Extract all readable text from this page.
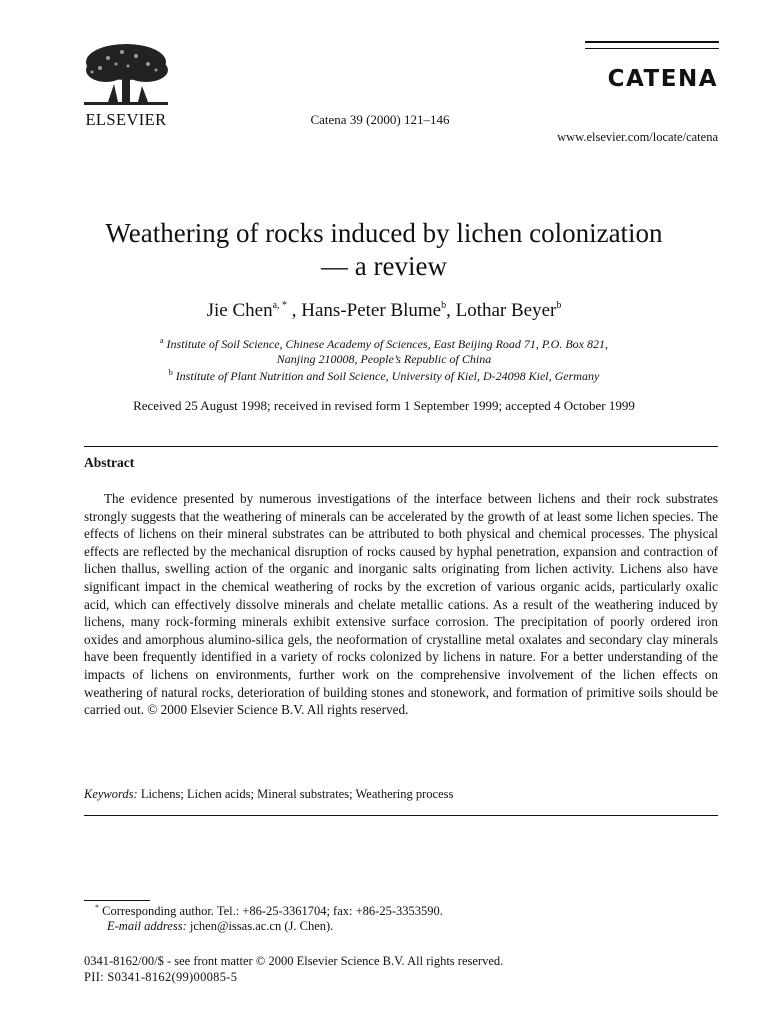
ELSEVIER	Catena 39 (2000) 121–146
CATENA
www.elsevier.com/locate/catena
Weathering of rocks induced by lichen colonization
— a review
Jie Chen$^{a, *}$ , Hans-Peter Blume$^b$, Lothar Beyer$^b$
$^a$ Institute of Soil Science, Chinese Academy of Sciences, East Beijing Road 71, P.O. Box 821,
Nanjing 210008, People’s Republic of China
$^b$ Institute of Plant Nutrition and Soil Science, University of Kiel, D-24098 Kiel, Germany
Received 25 August 1998; received in revised form 1 September 1999; accepted 4 October 1999
Abstract
The evidence presented by numerous investigations of the interface between lichens and their rock substrates strongly suggests that the weathering of minerals can be accelerated by the growth of at least some lichen species. The effects of lichens on their mineral substrates can be attributed to both physical and chemical processes. The physical effects are reflected by the mechanical disruption of rocks caused by hyphal penetration, expansion and contraction of lichen thallus, swelling action of the organic and inorganic salts originating from lichen activity. Lichens also have significant impact in the chemical weathering of rocks by the excretion of various organic acids, particularly oxalic acid, which can effectively dissolve minerals and chelate metallic cations. As a result of the weathering induced by lichens, many rock-forming minerals exhibit extensive surface corrosion. The precipitation of poorly ordered iron oxides and amorphous alumino-silica gels, the neoformation of crystalline metal oxalates and secondary clay minerals have been frequently identified in a variety of rocks colonized by lichens in nature. For a better understanding of the impacts of lichens on environments, further work on the comprehensive involvement of the lichen effects on weathering of natural rocks, deterioration of building stones and stonework, and formation of primitive soils should be carried out. © 2000 Elsevier Science B.V. All rights reserved.
Keywords: Lichens; Lichen acids; Mineral substrates; Weathering process
* Corresponding author. Tel.: +86-25-3361704; fax: +86-25-3353590.
E-mail address: jchen@issas.ac.cn (J. Chen).
0341-8162/00/$ - see front matter © 2000 Elsevier Science B.V. All rights reserved.
PII: S0341-8162(99)00085-5
